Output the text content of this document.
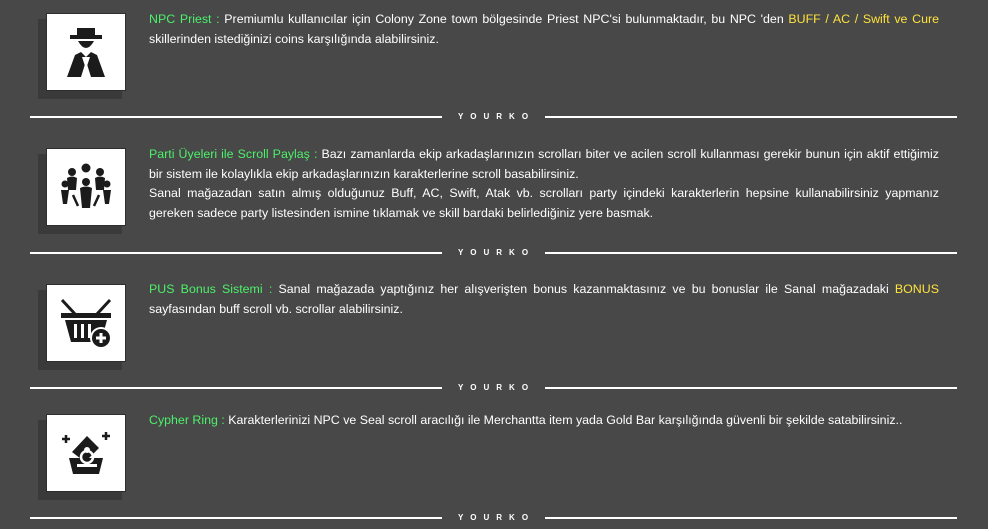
NPC Priest : Premiumlu kullanıcılar için Colony Zone town bölgesinde Priest NPC'si bulunmaktadır, bu NPC 'den BUFF / AC / Swift ve Cure skillerinden istediğinizi coins karşılığında alabilirsiniz.
YOURKO
Parti Üyeleri ile Scroll Paylaş : Bazı zamanlarda ekip arkadaşlarınızın scrolları biter ve acilen scroll kullanması gerekir bunun için aktif ettiğimiz bir sistem ile kolaylıkla ekip arkadaşlarınızın karakterlerine scroll basabilirsiniz.
Sanal mağazadan satın almış olduğunuz Buff, AC, Swift, Atak vb. scrolları party içindeki karakterlerin hepsine kullanabilirsiniz yapmanız gereken sadece party listesinden ismine tıklamak ve skill bardaki belirlediğiniz yere basmak.
YOURKO
PUS Bonus Sistemi : Sanal mağazada yaptığınız her alışverişten bonus kazanmaktasınız ve bu bonuslar ile Sanal mağazadaki BONUS sayfasından buff scroll vb. scrollar alabilirsiniz.
YOURKO
Cypher Ring : Karakterlerinizi NPC ve Seal scroll aracılığı ile Merchantta item yada Gold Bar karşılığında güvenli bir şekilde satabilirsiniz..
YOURKO
